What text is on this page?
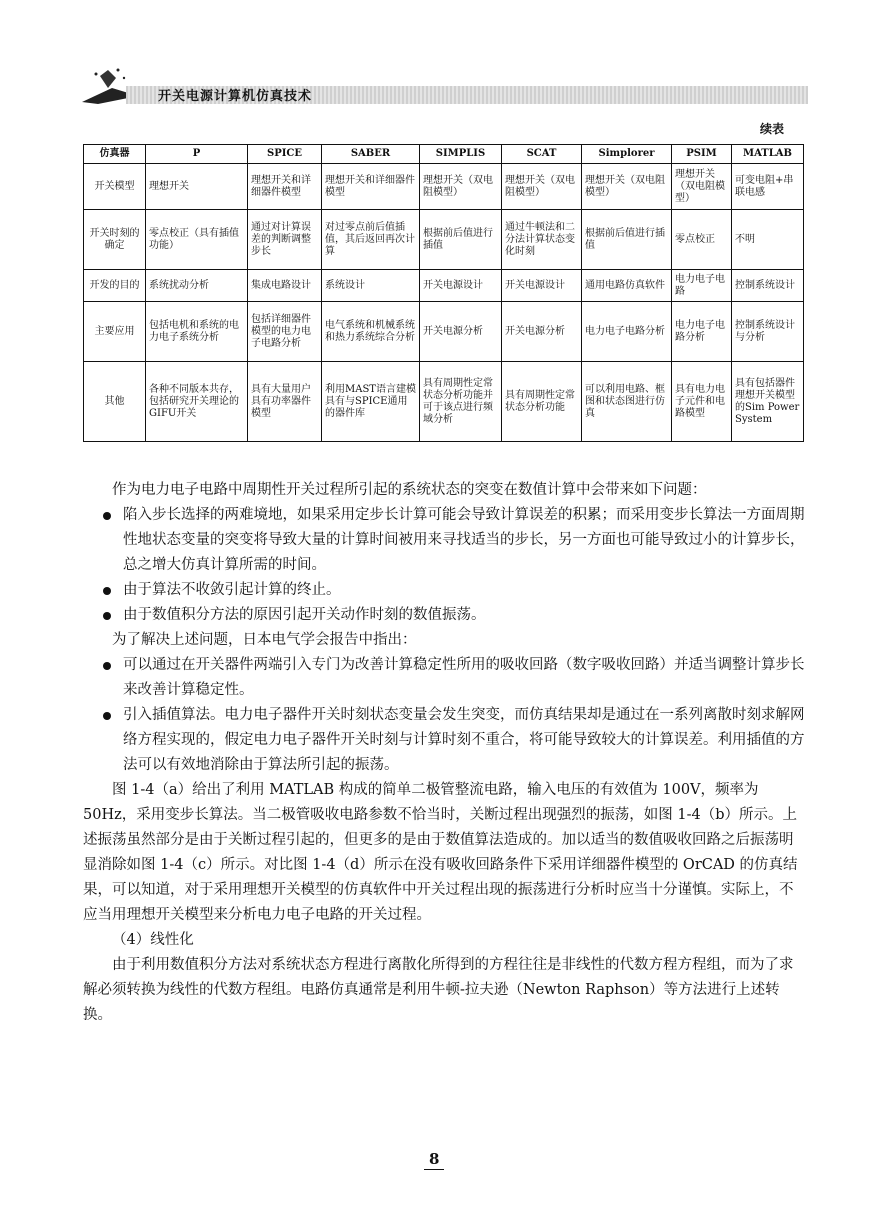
开关电源计算机仿真技术
续表
仿真器	P	SPICE	SABER	SIMPLIS	SCAT	Simplorer	PSIM	MATLAB
开关模型	理想开关	理想开关和详细器件模型	理想开关和详细器件模型	理想开关（双电阻模型）	理想开关（双电阻模型）	理想开关（双电阻模型）	理想开关（双电阻模型）	可变电阻+串联电感
开关时刻的确定	零点校正（具有插值功能）	通过对计算误差的判断调整步长	对过零点前后值插值，其后返回再次计算	根据前后值进行插值	通过牛顿法和二分法计算状态变化时刻	根据前后值进行插值	零点校正	不明
开发的目的	系统扰动分析	集成电路设计	系统设计	开关电源设计	开关电源设计	通用电路仿真软件	电力电子电路	控制系统设计
主要应用	包括电机和系统的电力电子系统分析	包括详细器件模型的电力电子电路分析	电气系统和机械系统和热力系统综合分析	开关电源分析	开关电源分析	电力电子电路分析	电力电子电路分析	控制系统设计与分析
其他	各种不同版本共存，包括研究开关理论的GIFU开关	具有大量用户　具有功率器件模型	利用MAST语言建模　具有与SPICE通用的器件库	具有周期性定常状态分析功能并可于该点进行频域分析	具有周期性定常状态分析功能	可以利用电路、框图和状态图进行仿真	具有电力电子元件和电路模型	具有包括器件理想开关模型的Sim Power System

作为电力电子电路中周期性开关过程所引起的系统状态的突变在数值计算中会带来如下问题：

陷入步长选择的两难境地，如果采用定步长计算可能会导致计算误差的积累；而采用变步长算法一方面周期性地状态变量的突变将导致大量的计算时间被用来寻找适当的步长，另一方面也可能导致过小的计算步长，总之增大仿真计算所需的时间。

由于算法不收敛引起计算的终止。

由于数值积分方法的原因引起开关动作时刻的数值振荡。

为了解决上述问题，日本电气学会报告中指出：

可以通过在开关器件两端引入专门为改善计算稳定性所用的吸收回路（数字吸收回路）并适当调整计算步长来改善计算稳定性。

引入插值算法。电力电子器件开关时刻状态变量会发生突变，而仿真结果却是通过在一系列离散时刻求解网络方程实现的，假定电力电子器件开关时刻与计算时刻不重合，将可能导致较大的计算误差。利用插值的方法可以有效地消除由于算法所引起的振荡。

图 1-4（a）给出了利用 MATLAB 构成的简单二极管整流电路，输入电压的有效值为 100V，频率为 50Hz，采用变步长算法。当二极管吸收电路参数不恰当时，关断过程出现强烈的振荡，如图 1-4（b）所示。上述振荡虽然部分是由于关断过程引起的，但更多的是由于数值算法造成的。加以适当的数值吸收回路之后振荡明显消除如图 1-4（c）所示。对比图 1-4（d）所示在没有吸收回路条件下采用详细器件模型的 OrCAD 的仿真结果，可以知道，对于采用理想开关模型的仿真软件中开关过程出现的振荡进行分析时应当十分谨慎。实际上，不应当用理想开关模型来分析电力电子电路的开关过程。

（4）线性化

由于利用数值积分方法对系统状态方程进行离散化所得到的方程往往是非线性的代数方程方程组，而为了求解必须转换为线性的代数方程组。电路仿真通常是利用牛顿-拉夫逊（Newton Raphson）等方法进行上述转换。

8
